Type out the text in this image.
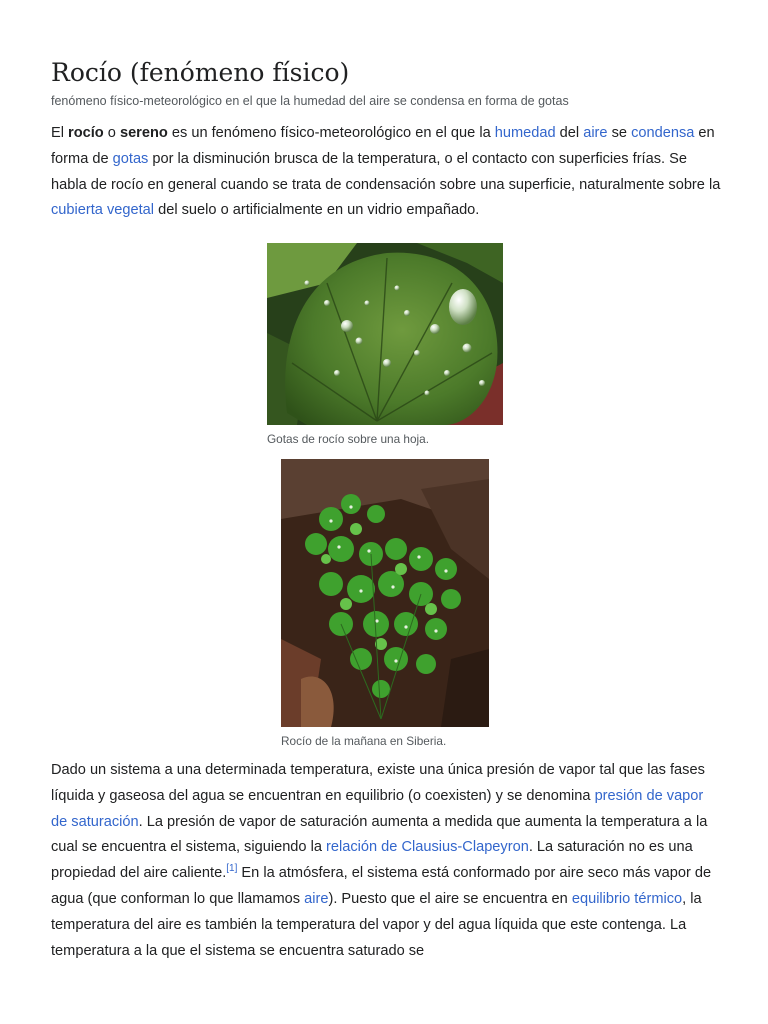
Rocío (fenómeno físico)
fenómeno físico-meteorológico en el que la humedad del aire se condensa en forma de gotas

El rocío o sereno es un fenómeno físico-meteorológico en el que la humedad del aire se condensa en forma de gotas por la disminución brusca de la temperatura, o el contacto con superficies frías. Se habla de rocío en general cuando se trata de condensación sobre una superficie, naturalmente sobre la cubierta vegetal del suelo o artificialmente en un vidrio empañado.

Dado un sistema a una determinada temperatura, existe una única presión de vapor tal que las fases líquida y gaseosa del agua se encuentran en equilibrio (o coexisten) y se denomina presión de vapor de saturación. La presión de vapor de saturación aumenta a medida que aumenta la temperatura a la cual se encuentra el sistema, siguiendo la relación de Clausius-Clapeyron. La saturación no es una propiedad del aire caliente.[1] En la atmósfera, el sistema está conformado por aire seco más vapor de agua (que conforman lo que llamamos aire). Puesto que el aire se encuentra en equilibrio térmico, la temperatura del aire es también la temperatura del vapor y del agua líquida que este contenga. La temperatura a la que el sistema se encuentra saturado se

Gotas de rocío sobre una hoja.
Rocío de la mañana en Siberia.
